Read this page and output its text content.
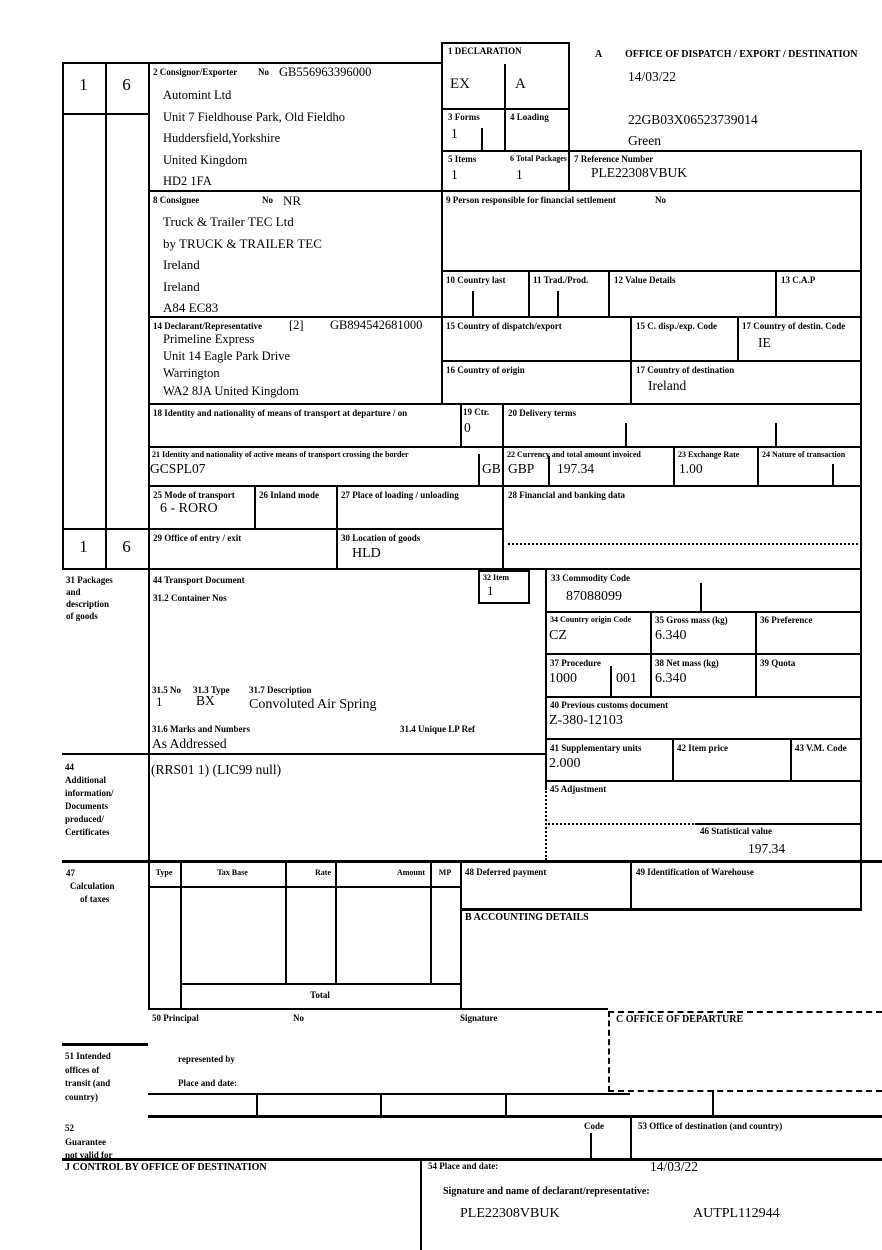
1	6
1	6
1 DECLARATION
EX	A
A OFFICE OF DISPATCH / EXPORT / DESTINATION
14/03/22
22GB03X06523739014
Green
3 Forms
1
4 Loading
5 Items
1
6 Total Packages
1
7 Reference Number
PLE22308VBUK
2 Consignor/Exporter No GB556963396000
Automint Ltd
Unit 7 Fieldhouse Park, Old Fieldho
Huddersfield,Yorkshire
United Kingdom
HD2 1FA
8 Consignee	No NR
Truck & Trailer TEC Ltd
by TRUCK & TRAILER TEC
Ireland
Ireland
A84 EC83
9 Person responsible for financial settlement	No
10 Country last	11 Trad./Prod.	12 Value Details	13 C.A.P
14 Declarant/Representative [2] GB894542681000
Primeline Express
Unit 14 Eagle Park Drive
Warrington
WA2 8JA United Kingdom
15 Country of dispatch/export	15 C. disp./exp. Code	17 Country of destin. Code
IE
16 Country of origin	17 Country of destination
Ireland
18 Identity and nationality of means of transport at departure / on	19 Ctr.
0
20 Delivery terms
21 Identity and nationality of active means of transport crossing the border
GCSPL07	GB
22 Currency and total amount invoiced
GBP 197.34
23 Exchange Rate
1.00
24 Nature of transaction
25 Mode of transport
6 - RORO
26 Inland mode 27 Place of loading / unloading	28 Financial and banking data
29 Office of entry / exit	30 Location of goods
HLD
31 Packages
and
description
of goods
44 Transport Document
31.2 Container Nos
32 Item
1
33 Commodity Code
87088099
34 Country origin Code
CZ
35 Gross mass (kg)
6.340
36 Preference
37 Procedure
1000	001
38 Net mass (kg)
6.340
39 Quota
40 Previous customs document
Z-380-12103
41 Supplementary units
2.000
42 Item price	43 V.M. Code
31.5 No
1
31.3 Type
BX
31.7 Description
Convoluted Air Spring
31.6 Marks and Numbers	31.4 Unique LP Ref
As Addressed
44
Additional
information/
Documents
produced/
Certificates
(RRS01 1) (LIC99 null)
45 Adjustment
46 Statistical value
197.34
47
Calculation
of taxes
Type	Tax Base	Rate	Amount	MP
Total
48 Deferred payment	49 Identification of Warehouse
B ACCOUNTING DETAILS
50 Principal	No	Signature	C OFFICE OF DEPARTURE
51 Intended
offices of
transit (and
country)
represented by
Place and date:
52
Guarantee
not valid for
Code	53 Office of destination (and country)
J CONTROL BY OFFICE OF DESTINATION	54 Place and date:	14/03/22
Signature and name of declarant/representative:
PLE22308VBUK	AUTPL112944
